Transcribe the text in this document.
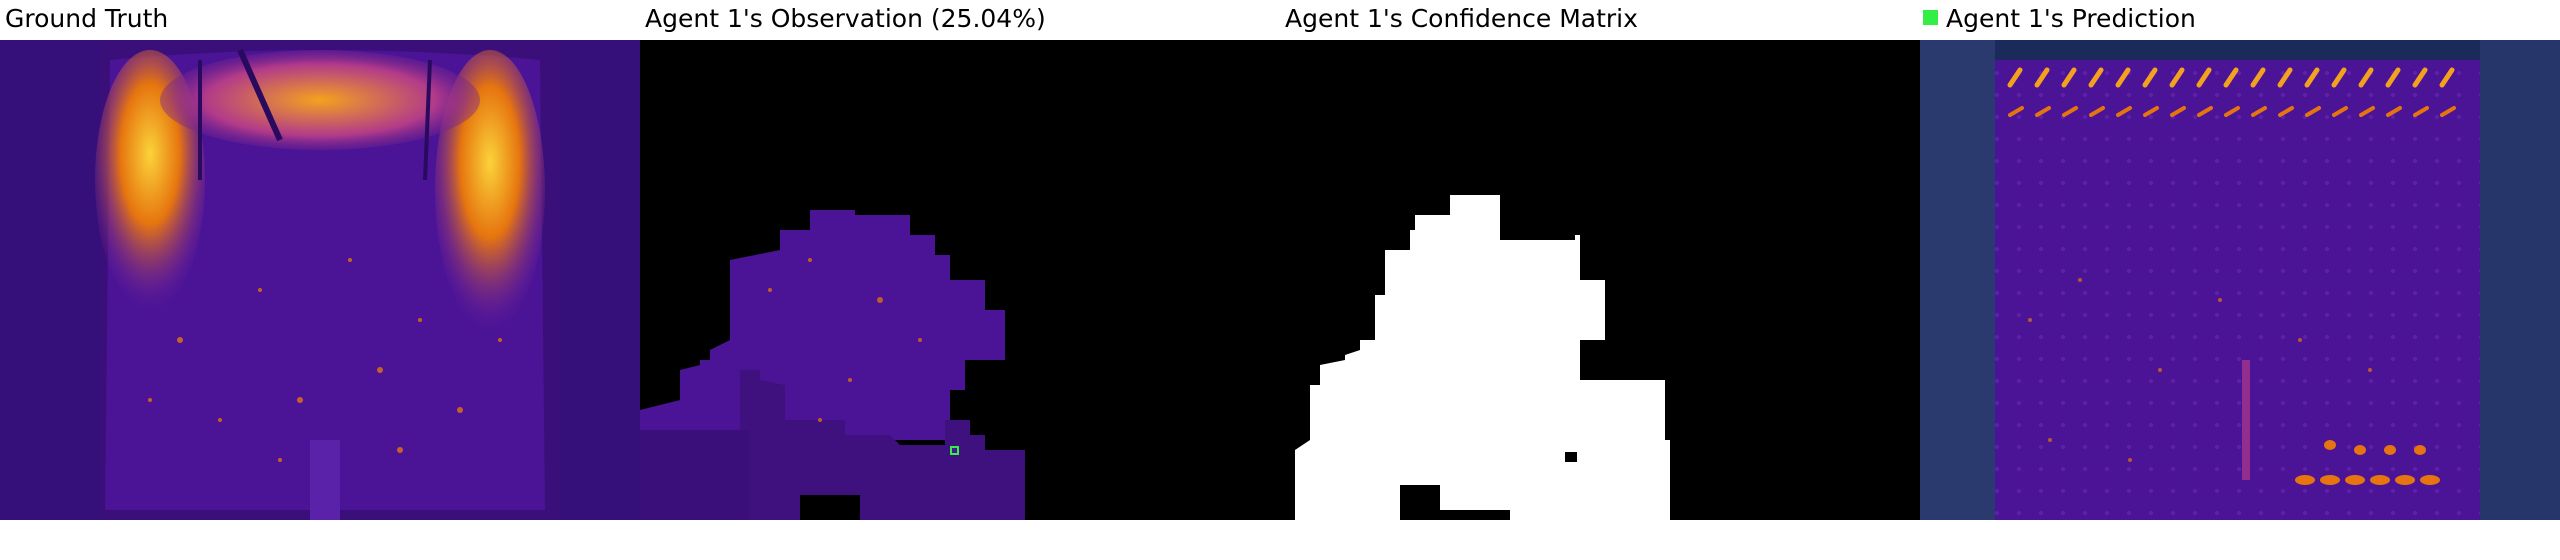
Ground Truth	Agent 1's Observation (25.04%)	Agent 1's Confidence Matrix	Agent 1's Prediction
